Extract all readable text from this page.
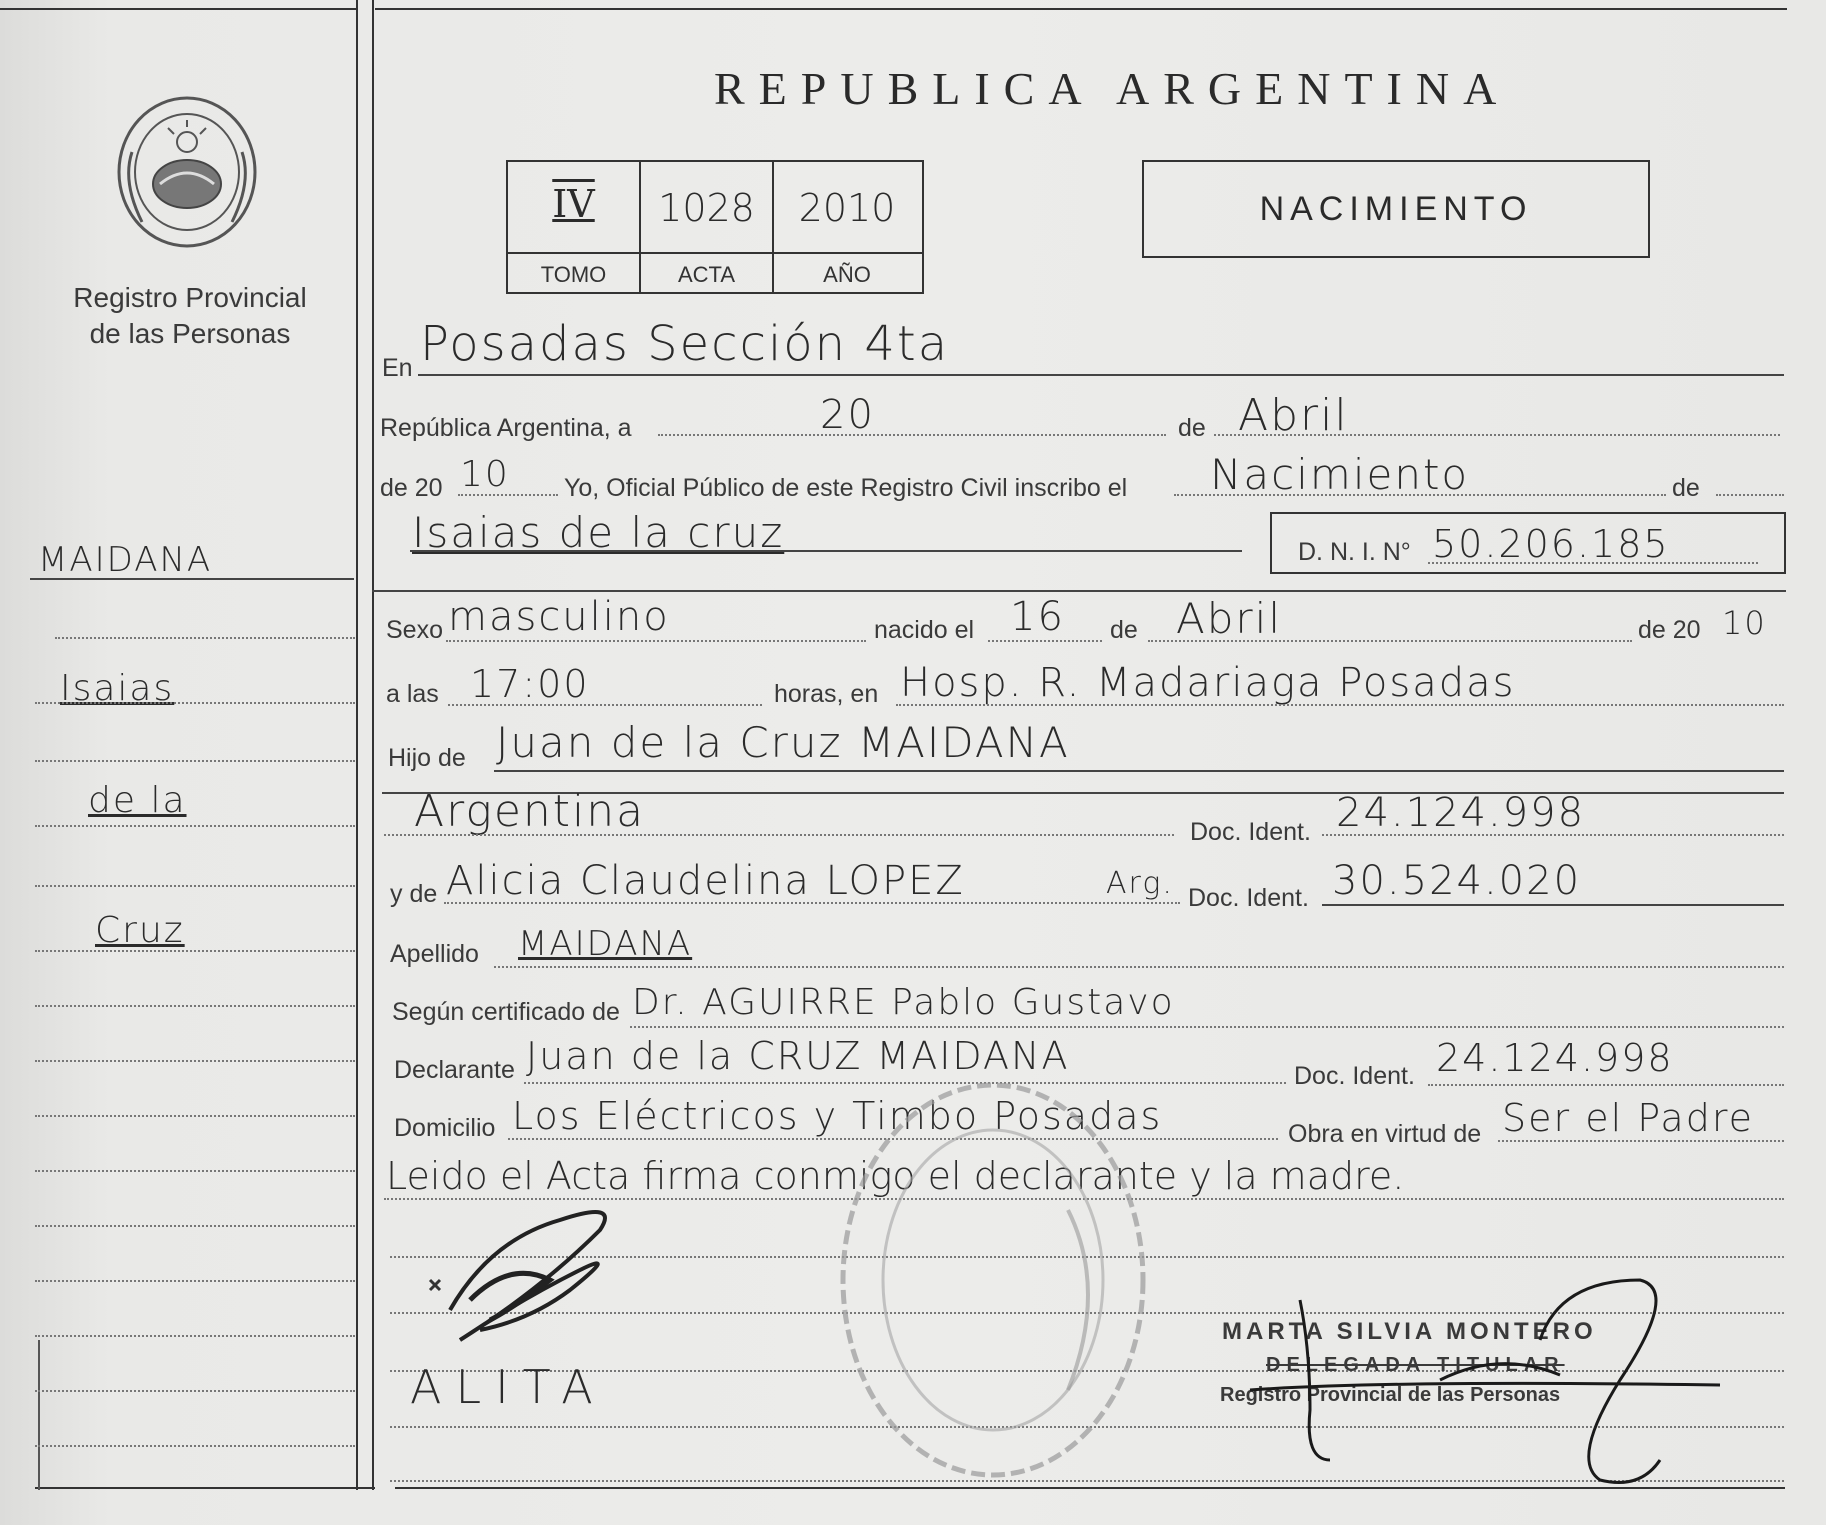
Registro Provincial
de las Personas
MAIDANA
Isaias
de la
Cruz
REPUBLICA ARGENTINA
IV	1028	2010
TOMO	ACTA	AÑO
NACIMIENTO
En Posadas Sección 4ta
República Argentina, a	20	de Abril
de 20 10 Yo, Oficial Público de este Registro Civil inscribo el Nacimiento	de
Isaias de la cruz	D. N. I. N° 50.206.185
Sexo masculino	nacido el 16 de Abril	de 20 10
a las 17:00	horas, en Hosp. R. Madariaga Posadas
Hijo de Juan de la Cruz MAIDANA
Argentina	Doc. Ident. 24.124.998
y de Alicia Claudelina LOPEZ	Arg. Doc. Ident. 30.524.020
Apellido MAIDANA
Según certificado de Dr. AGUIRRE Pablo Gustavo
Declarante Juan de la CRUZ MAIDANA	Doc. Ident. 24.124.998
Domicilio Los Eléctricos y Timbo Posadas	Obra en virtud de Ser el Padre
Leido el Acta firma conmigo el declarante y la madre.
ALITA
MARTA SILVIA MONTERO
DELEGADA TITULAR
Registro Provincial de las Personas
